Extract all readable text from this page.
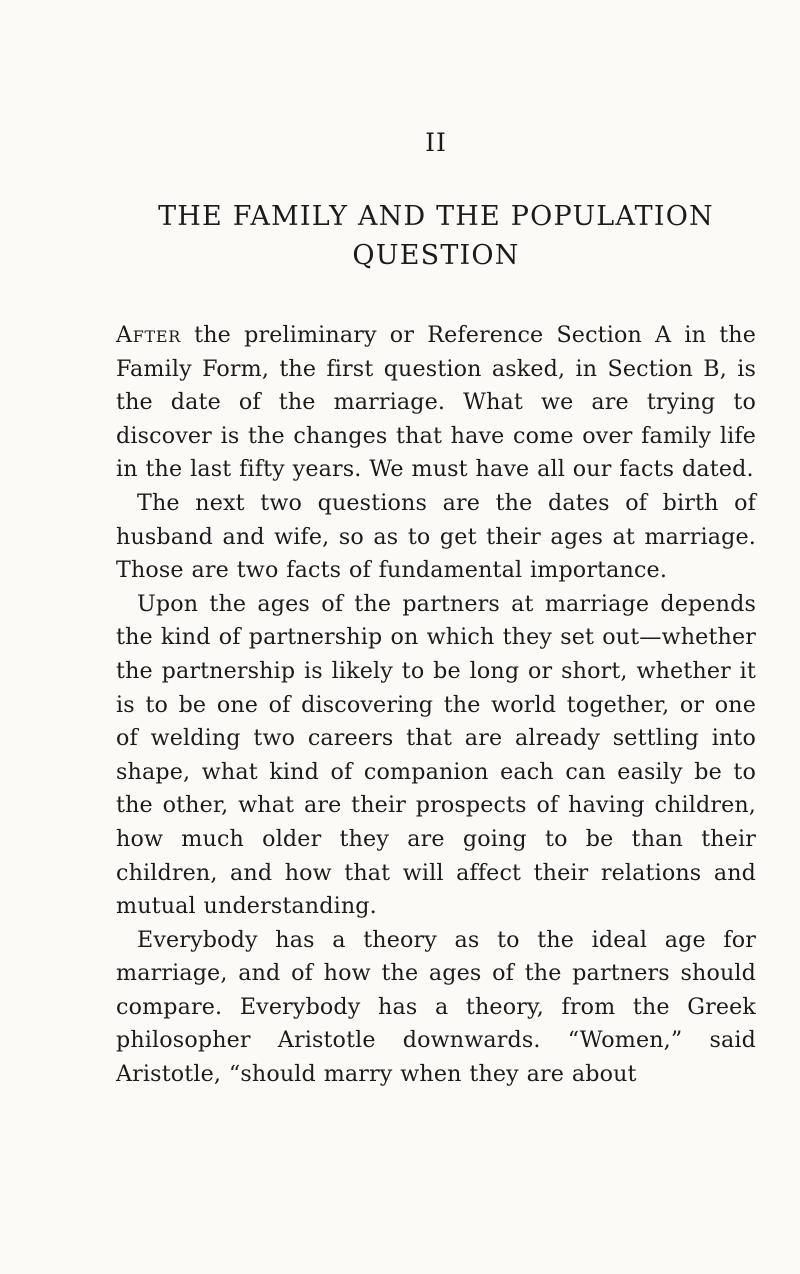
II
THE FAMILY AND THE POPULATION
QUESTION

After the preliminary or Reference Section A in the Family Form, the first question asked, in Section B, is the date of the marriage. What we are trying to discover is the changes that have come over family life in the last fifty years. We must have all our facts dated.

The next two questions are the dates of birth of husband and wife, so as to get their ages at marriage. Those are two facts of fundamental importance.

Upon the ages of the partners at marriage depends the kind of partnership on which they set out—whether the partnership is likely to be long or short, whether it is to be one of discovering the world together, or one of welding two careers that are already settling into shape, what kind of companion each can easily be to the other, what are their prospects of having children, how much older they are going to be than their children, and how that will affect their relations and mutual understanding.

Everybody has a theory as to the ideal age for marriage, and of how the ages of the partners should compare. Everybody has a theory, from the Greek philosopher Aristotle downwards. “Women,” said Aristotle, “should marry when they are about
